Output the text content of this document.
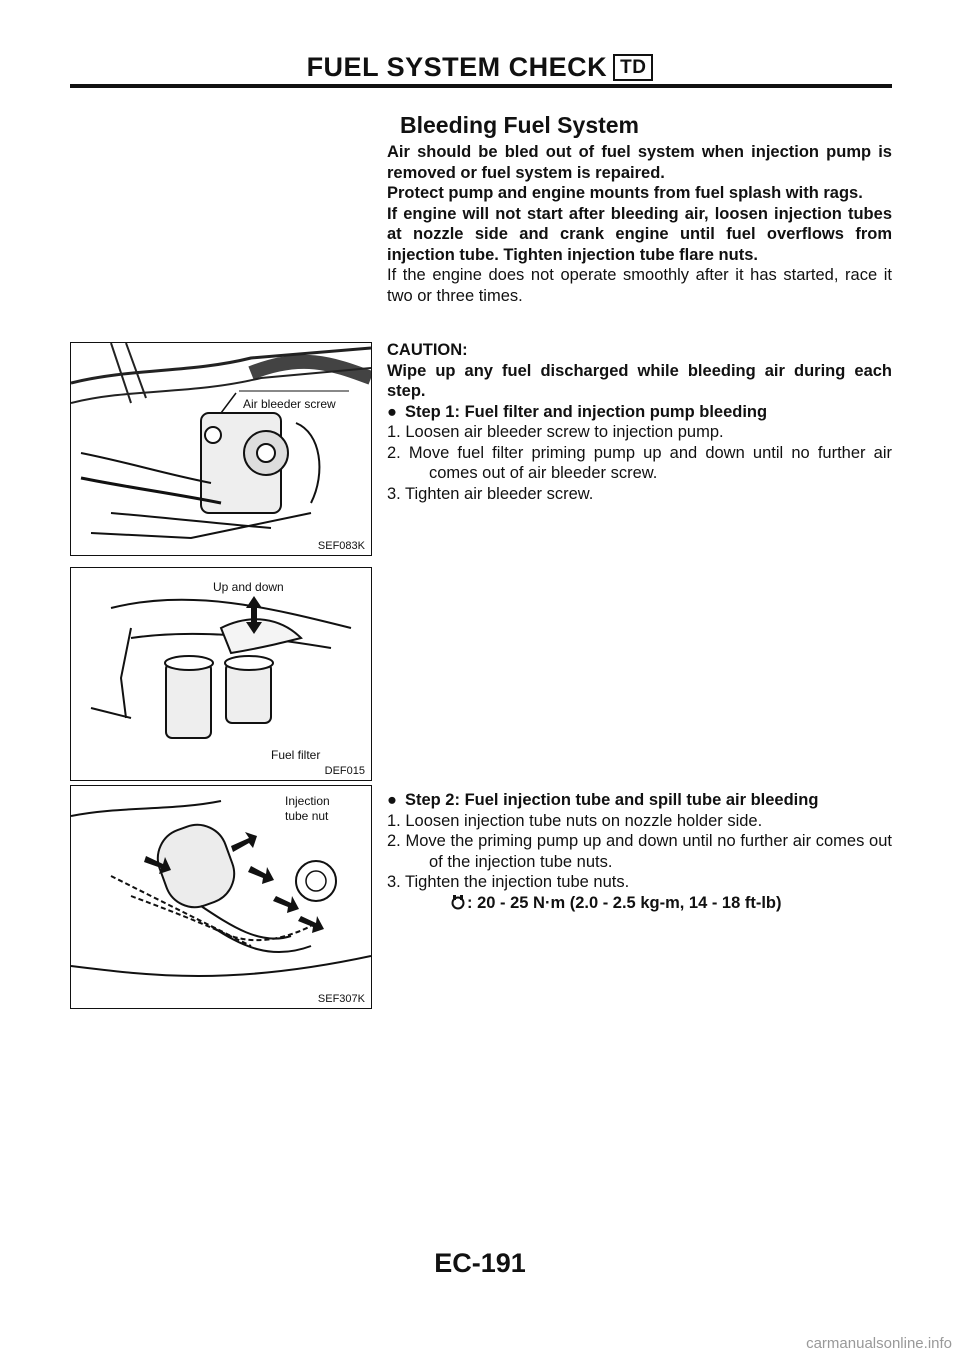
FUEL SYSTEM CHECK TD
Bleeding Fuel System
Air should be bled out of fuel system when injection pump is removed or fuel system is repaired.
Protect pump and engine mounts from fuel splash with rags.
If engine will not start after bleeding air, loosen injection tubes at nozzle side and crank engine until fuel overflows from injection tube. Tighten injection tube flare nuts.
If the engine does not operate smoothly after it has started, race it two or three times.
CAUTION:
Wipe up any fuel discharged while bleeding air during each step.
● Step 1: Fuel filter and injection pump bleeding
1. Loosen air bleeder screw to injection pump.
2. Move fuel filter priming pump up and down until no further air comes out of air bleeder screw.
3. Tighten air bleeder screw.
● Step 2: Fuel injection tube and spill tube air bleeding
1. Loosen injection tube nuts on nozzle holder side.
2. Move the priming pump up and down until no further air comes out of the injection tube nuts.
3. Tighten the injection tube nuts.
: 20 - 25 N·m (2.0 - 2.5 kg-m, 14 - 18 ft-lb)
Air bleeder screw
SEF083K
Up and down
Fuel filter
DEF015
Injection
tube nut
SEF307K
EC-191
carmanualsonline.info
